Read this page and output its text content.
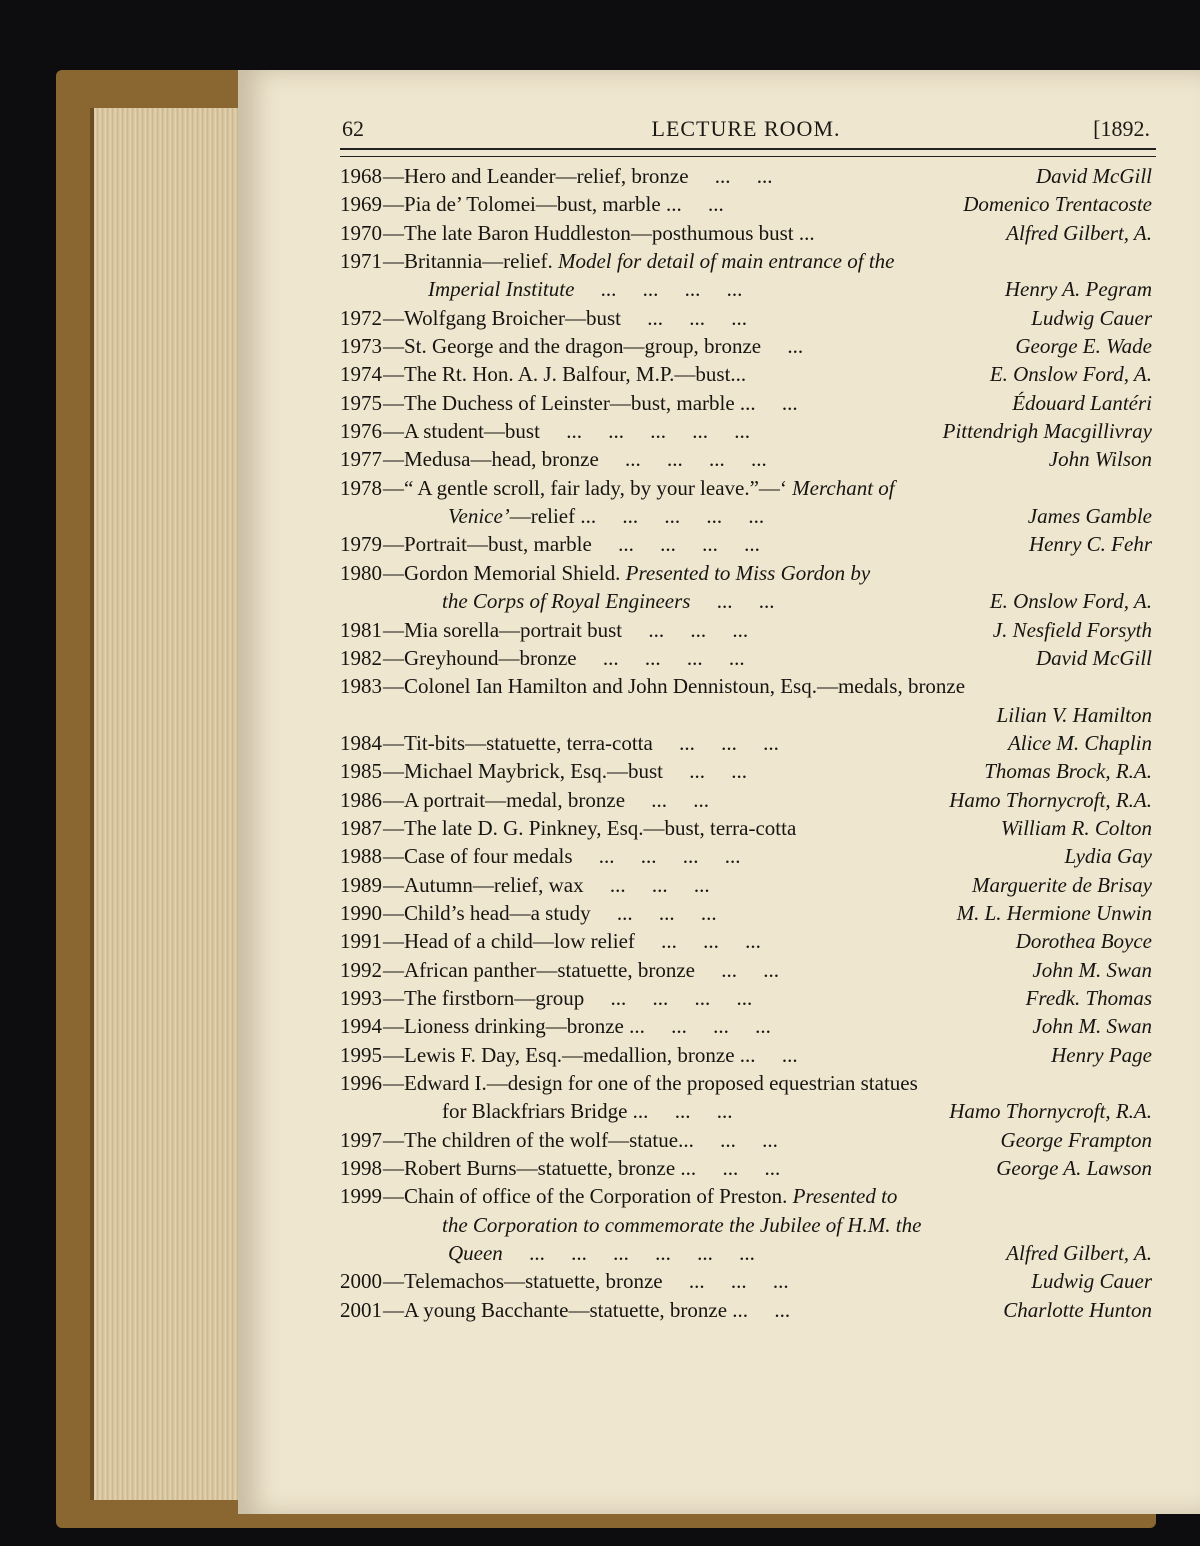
62	LECTURE ROOM.	[1892.
1968—Hero and Leander—relief, bronze     ...     ...	David McGill
1969—Pia de’ Tolomei—bust, marble ...     ...	Domenico Trentacoste
1970—The late Baron Huddleston—posthumous bust ...	Alfred Gilbert, A.
1971—Britannia—relief. Model for detail of main entrance of the
Imperial Institute     ...     ...     ...     ...	Henry A. Pegram
1972—Wolfgang Broicher—bust     ...     ...     ...	Ludwig Cauer
1973—St. George and the dragon—group, bronze     ...	George E. Wade
1974—The Rt. Hon. A. J. Balfour, M.P.—bust...	E. Onslow Ford, A.
1975—The Duchess of Leinster—bust, marble ...     ...	Édouard Lantéri
1976—A student—bust     ...     ...     ...     ...     ...	Pittendrigh Macgillivray
1977—Medusa—head, bronze     ...     ...     ...     ...	John Wilson
1978—“ A gentle scroll, fair lady, by your leave.”—‘ Merchant of
Venice’—relief ...     ...     ...     ...     ...	James Gamble
1979—Portrait—bust, marble     ...     ...     ...     ...	Henry C. Fehr
1980—Gordon Memorial Shield. Presented to Miss Gordon by
the Corps of Royal Engineers     ...     ...	E. Onslow Ford, A.
1981—Mia sorella—portrait bust     ...     ...     ...	J. Nesfield Forsyth
1982—Greyhound—bronze     ...     ...     ...     ...	David McGill
1983—Colonel Ian Hamilton and John Dennistoun, Esq.—medals, bronze
Lilian V. Hamilton
1984—Tit-bits—statuette, terra-cotta     ...     ...     ...	Alice M. Chaplin
1985—Michael Maybrick, Esq.—bust     ...     ...	Thomas Brock, R.A.
1986—A portrait—medal, bronze     ...     ...	Hamo Thornycroft, R.A.
1987—The late D. G. Pinkney, Esq.—bust, terra-cotta	William R. Colton
1988—Case of four medals     ...     ...     ...     ...	Lydia Gay
1989—Autumn—relief, wax     ...     ...     ...	Marguerite de Brisay
1990—Child’s head—a study     ...     ...     ...	M. L. Hermione Unwin
1991—Head of a child—low relief     ...     ...     ...	Dorothea Boyce
1992—African panther—statuette, bronze     ...     ...	John M. Swan
1993—The firstborn—group     ...     ...     ...     ...	Fredk. Thomas
1994—Lioness drinking—bronze ...     ...     ...     ...	John M. Swan
1995—Lewis F. Day, Esq.—medallion, bronze ...     ...	Henry Page
1996—Edward I.—design for one of the proposed equestrian statues
for Blackfriars Bridge ...     ...     ...	Hamo Thornycroft, R.A.
1997—The children of the wolf—statue...     ...     ...	George Frampton
1998—Robert Burns—statuette, bronze ...     ...     ...	George A. Lawson
1999—Chain of office of the Corporation of Preston. Presented to
the Corporation to commemorate the Jubilee of H.M. the
Queen     ...     ...     ...     ...     ...     ...	Alfred Gilbert, A.
2000—Telemachos—statuette, bronze     ...     ...     ...	Ludwig Cauer
2001—A young Bacchante—statuette, bronze ...     ...	Charlotte Hunton
